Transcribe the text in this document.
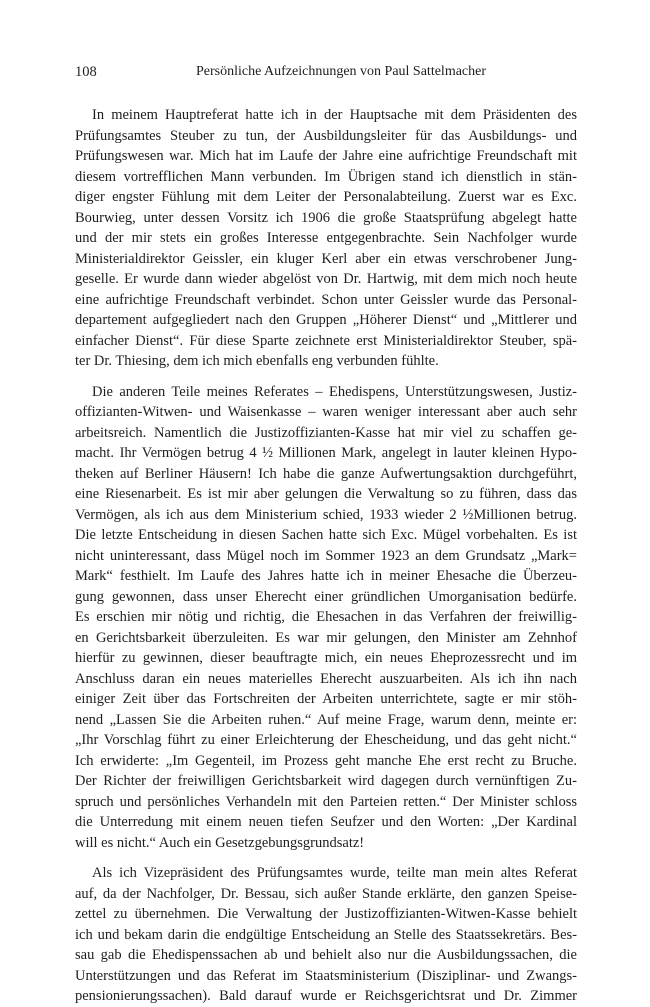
108	Persönliche Aufzeichnungen von Paul Sattelmacher

In meinem Hauptreferat hatte ich in der Hauptsache mit dem Präsidenten des
Prüfungsamtes Steuber zu tun, der Ausbildungsleiter für das Ausbildungs- und
Prüfungswesen war. Mich hat im Laufe der Jahre eine aufrichtige Freundschaft mit
diesem vortrefflichen Mann verbunden. Im Übrigen stand ich dienstlich in stän-
diger engster Fühlung mit dem Leiter der Personalabteilung. Zuerst war es Exc.
Bourwieg, unter dessen Vorsitz ich 1906 die große Staatsprüfung abgelegt hatte
und der mir stets ein großes Interesse entgegenbrachte. Sein Nachfolger wurde
Ministerialdirektor Geissler, ein kluger Kerl aber ein etwas verschrobener Jung-
geselle. Er wurde dann wieder abgelöst von Dr. Hartwig, mit dem mich noch heute
eine aufrichtige Freundschaft verbindet. Schon unter Geissler wurde das Personal-
departement aufgegliedert nach den Gruppen „Höherer Dienst“ und „Mittlerer und
einfacher Dienst“. Für diese Sparte zeichnete erst Ministerialdirektor Steuber, spä-
ter Dr. Thiesing, dem ich mich ebenfalls eng verbunden fühlte.

Die anderen Teile meines Referates – Ehedispens, Unterstützungswesen, Justiz-
offizianten-Witwen- und Waisenkasse – waren weniger interessant aber auch sehr
arbeitsreich. Namentlich die Justizoffizianten-Kasse hat mir viel zu schaffen ge-
macht. Ihr Vermögen betrug 4 ½ Millionen Mark, angelegt in lauter kleinen Hypo-
theken auf Berliner Häusern! Ich habe die ganze Aufwertungsaktion durchgeführt,
eine Riesenarbeit. Es ist mir aber gelungen die Verwaltung so zu führen, dass das
Vermögen, als ich aus dem Ministerium schied, 1933 wieder 2 ½Millionen betrug.
Die letzte Entscheidung in diesen Sachen hatte sich Exc. Mügel vorbehalten. Es ist
nicht uninteressant, dass Mügel noch im Sommer 1923 an dem Grundsatz „Mark=
Mark“ festhielt. Im Laufe des Jahres hatte ich in meiner Ehesache die Überzeu-
gung gewonnen, dass unser Eherecht einer gründlichen Umorganisation bedürfe.
Es erschien mir nötig und richtig, die Ehesachen in das Verfahren der freiwillig-
en Gerichtsbarkeit überzuleiten. Es war mir gelungen, den Minister am Zehnhof
hierfür zu gewinnen, dieser beauftragte mich, ein neues Eheprozessrecht und im
Anschluss daran ein neues materielles Eherecht auszuarbeiten. Als ich ihn nach
einiger Zeit über das Fortschreiten der Arbeiten unterrichtete, sagte er mir stöh-
nend „Lassen Sie die Arbeiten ruhen.“ Auf meine Frage, warum denn, meinte er:
„Ihr Vorschlag führt zu einer Erleichterung der Ehescheidung, und das geht nicht.“
Ich erwiderte: „Im Gegenteil, im Prozess geht manche Ehe erst recht zu Bruche.
Der Richter der freiwilligen Gerichtsbarkeit wird dagegen durch vernünftigen Zu-
spruch und persönliches Verhandeln mit den Parteien retten.“ Der Minister schloss
die Unterredung mit einem neuen tiefen Seufzer und den Worten: „Der Kardinal
will es nicht.“ Auch ein Gesetzgebungsgrundsatz!

Als ich Vizepräsident des Prüfungsamtes wurde, teilte man mein altes Referat
auf, da der Nachfolger, Dr. Bessau, sich außer Stande erklärte, den ganzen Speise-
zettel zu übernehmen. Die Verwaltung der Justizoffizianten-Witwen-Kasse behielt
ich und bekam darin die endgültige Entscheidung an Stelle des Staatssekretärs. Bes-
sau gab die Ehedispenssachen ab und behielt also nur die Ausbildungssachen, die
Unterstützungen und das Referat im Staatsministerium (Disziplinar- und Zwangs-
pensionierungssachen). Bald darauf wurde er Reichsgerichtsrat und Dr. Zimmer
